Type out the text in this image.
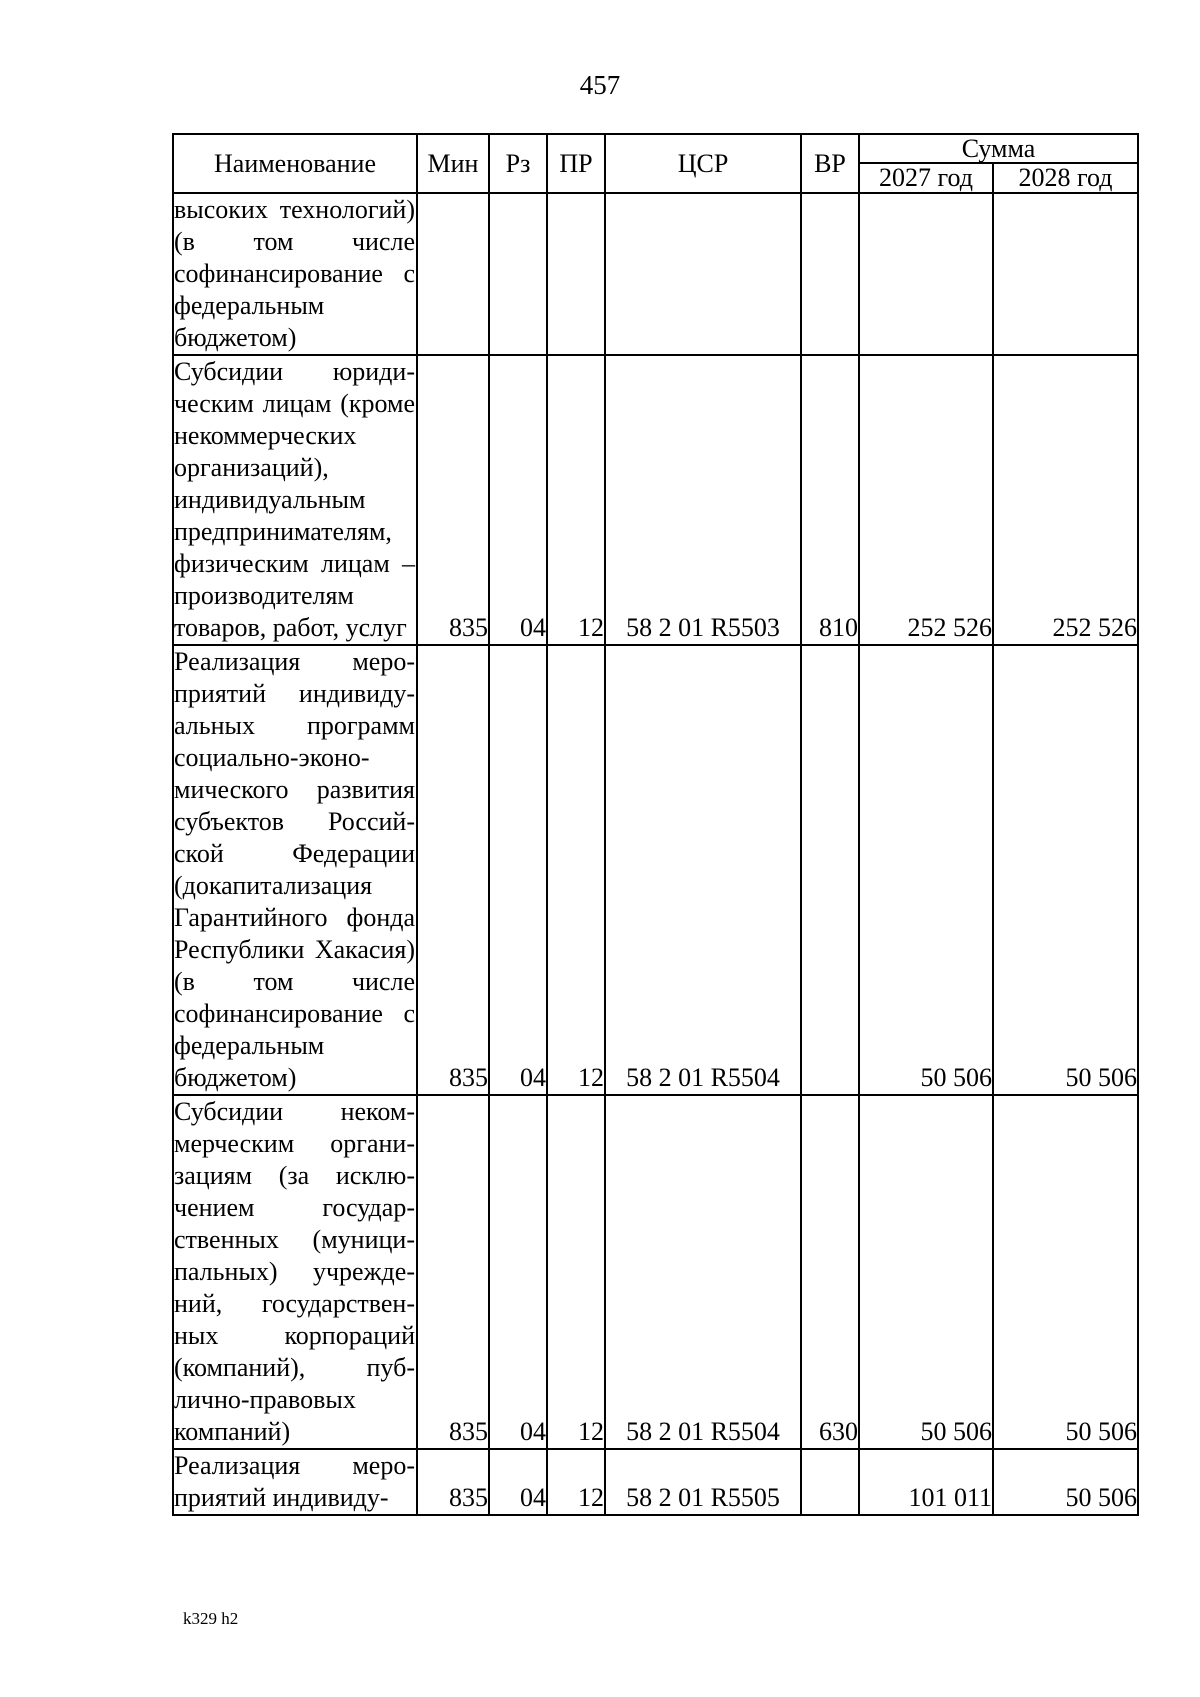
457
Наименование	Мин	Рз	ПР	ЦСР	ВР	Сумма	
						2027 год	2028 год
высоких технологий) (в том числе софинансирование с федеральным бюджетом)							
Субсидии юридическим лицам (кроме некоммерческих организаций), индивидуальным предпринимателям, физическим лицам – производителям товаров, работ, услуг	835	04	12	58 2 01 R5503	810	252 526	252 526
Реализация мероприятий индивидуальных программ социально-эконо-мического развития субъектов Российской Федерации (докапитализация Гарантийного фонда Республики Хакасия) (в том числе софинансирование с федеральным бюджетом)	835	04	12	58 2 01 R5504		50 506	50 506
Субсидии некоммерческим организациям (за исключением государственных (муниципальных) учреждений, государственных корпораций (компаний), публично-правовых компаний)	835	04	12	58 2 01 R5504	630	50 506	50 506
Реализация мероприятий индивиду-	835	04	12	58 2 01 R5505		101 011	50 506
k329 h2
